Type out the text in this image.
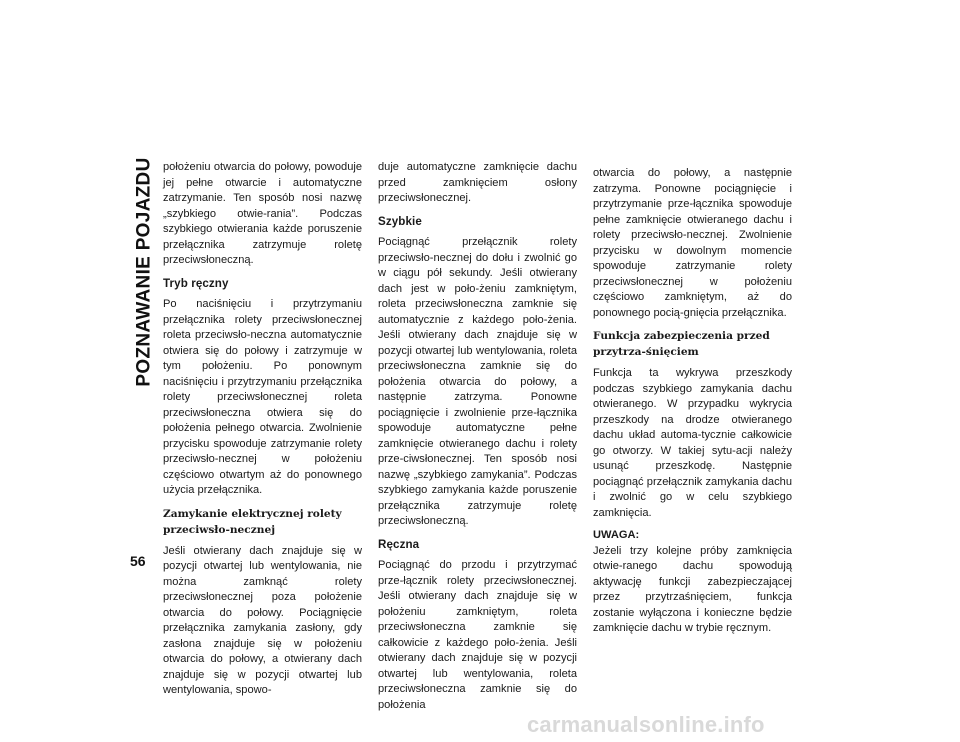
POZNAWANIE POJAZDU
56

położeniu otwarcia do połowy, powoduje jej pełne otwarcie i automatyczne zatrzymanie. Ten sposób nosi nazwę „szybkiego otwie-rania”. Podczas szybkiego otwierania każde poruszenie przełącznika zatrzymuje roletę przeciwsłoneczną.

Tryb ręczny

Po naciśnięciu i przytrzymaniu przełącznika rolety przeciwsłonecznej roleta przeciwsło-neczna automatycznie otwiera się do połowy i zatrzymuje w tym położeniu. Po ponownym naciśnięciu i przytrzymaniu przełącznika rolety przeciwsłonecznej roleta przeciwsłoneczna otwiera się do położenia pełnego otwarcia. Zwolnienie przycisku spowoduje zatrzymanie rolety przeciwsło-necznej w położeniu częściowo otwartym aż do ponownego użycia przełącznika.

Zamykanie elektrycznej rolety przeciwsło-necznej

Jeśli otwierany dach znajduje się w pozycji otwartej lub wentylowania, nie można zamknąć rolety przeciwsłonecznej poza położenie otwarcia do połowy. Pociągnięcie przełącznika zamykania zasłony, gdy zasłona znajduje się w położeniu otwarcia do połowy, a otwierany dach znajduje się w pozycji otwartej lub wentylowania, spowo-

duje automatyczne zamknięcie dachu przed zamknięciem osłony przeciwsłonecznej.

Szybkie

Pociągnąć przełącznik rolety przeciwsło-necznej do dołu i zwolnić go w ciągu pół sekundy. Jeśli otwierany dach jest w poło-żeniu zamkniętym, roleta przeciwsłoneczna zamknie się automatycznie z każdego poło-żenia. Jeśli otwierany dach znajduje się w pozycji otwartej lub wentylowania, roleta przeciwsłoneczna zamknie się do położenia otwarcia do połowy, a następnie zatrzyma. Ponowne pociągnięcie i zwolnienie prze-łącznika spowoduje automatyczne pełne zamknięcie otwieranego dachu i rolety prze-ciwsłonecznej. Ten sposób nosi nazwę „szybkiego zamykania”. Podczas szybkiego zamykania każde poruszenie przełącznika zatrzymuje roletę przeciwsłoneczną.

Ręczna

Pociągnąć do przodu i przytrzymać prze-łącznik rolety przeciwsłonecznej. Jeśli otwierany dach znajduje się w położeniu zamkniętym, roleta przeciwsłoneczna zamknie się całkowicie z każdego poło-żenia. Jeśli otwierany dach znajduje się w pozycji otwartej lub wentylowania, roleta przeciwsłoneczna zamknie się do położenia

otwarcia do połowy, a następnie zatrzyma. Ponowne pociągnięcie i przytrzymanie prze-łącznika spowoduje pełne zamknięcie otwieranego dachu i rolety przeciwsło-necznej. Zwolnienie przycisku w dowolnym momencie spowoduje zatrzymanie rolety przeciwsłonecznej w położeniu częściowo zamkniętym, aż do ponownego pocią-gnięcia przełącznika.

Funkcja zabezpieczenia przed przytrza-śnięciem

Funkcja ta wykrywa przeszkody podczas szybkiego zamykania dachu otwieranego. W przypadku wykrycia przeszkody na drodze otwieranego dachu układ automa-tycznie całkowicie go otworzy. W takiej sytu-acji należy usunąć przeszkodę. Następnie pociągnąć przełącznik zamykania dachu i zwolnić go w celu szybkiego zamknięcia.

UWAGA:
Jeżeli trzy kolejne próby zamknięcia otwie-ranego dachu spowodują aktywację funkcji zabezpieczającej przez przytrzaśnięciem, funkcja zostanie wyłączona i konieczne będzie zamknięcie dachu w trybie ręcznym.

carmanualsonline.info
